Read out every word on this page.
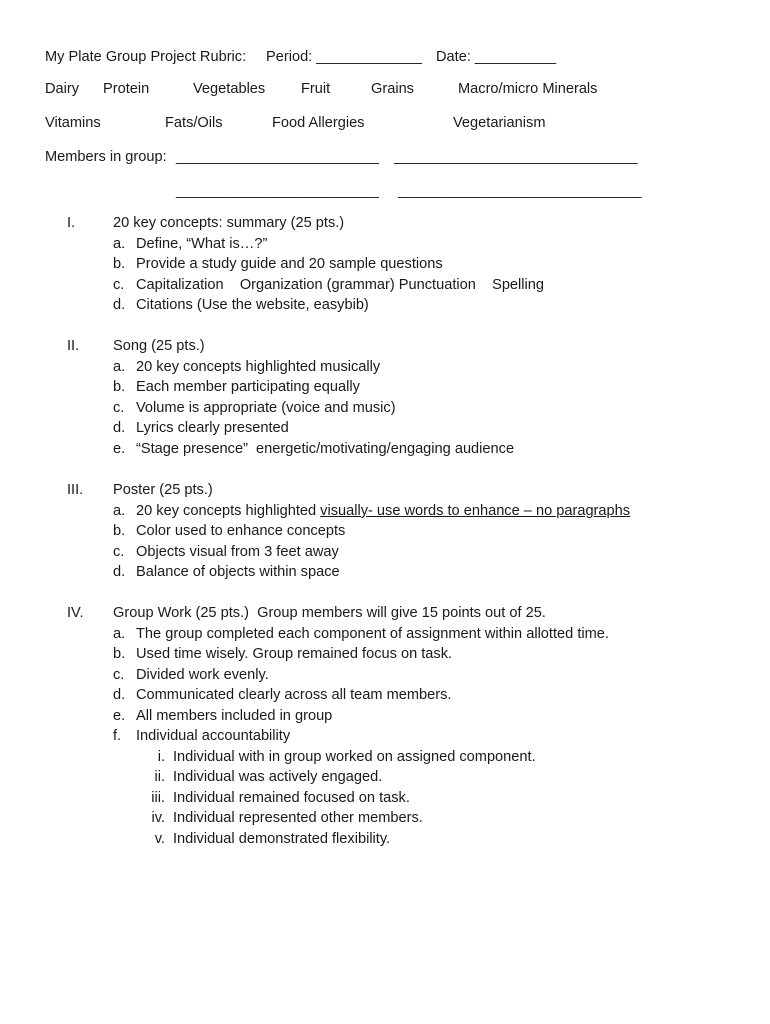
My Plate Group Project Rubric: Period: _____________ Date: __________
Dairy Protein	Vegetables Fruit	Grains	Macro/micro Minerals
Vitamins	Fats/Oils	Food Allergies	Vegetarianism
Members in group: _________________________ ______________________________
_________________________ ______________________________
I.	20 key concepts: summary (25 pts.)
a. Define, “What is…?”
b. Provide a study guide and 20 sample questions
c. Capitalization    Organization (grammar) Punctuation    Spelling
d. Citations (Use the website, easybib)
II. Song (25 pts.)
a. 20 key concepts highlighted musically
b. Each member participating equally
c. Volume is appropriate (voice and music)
d. Lyrics clearly presented
e. “Stage presence”  energetic/motivating/engaging audience
III. Poster (25 pts.)
a. 20 key concepts highlighted visually- use words to enhance – no paragraphs
b. Color used to enhance concepts
c. Objects visual from 3 feet away
d. Balance of objects within space
IV. Group Work (25 pts.)  Group members will give 15 points out of 25.
a. The group completed each component of assignment within allotted time.
b. Used time wisely. Group remained focus on task.
c. Divided work evenly.
d. Communicated clearly across all team members.
e. All members included in group
f. Individual accountability
i. Individual with in group worked on assigned component.
ii. Individual was actively engaged.
iii. Individual remained focused on task.
iv. Individual represented other members.
v. Individual demonstrated flexibility.
